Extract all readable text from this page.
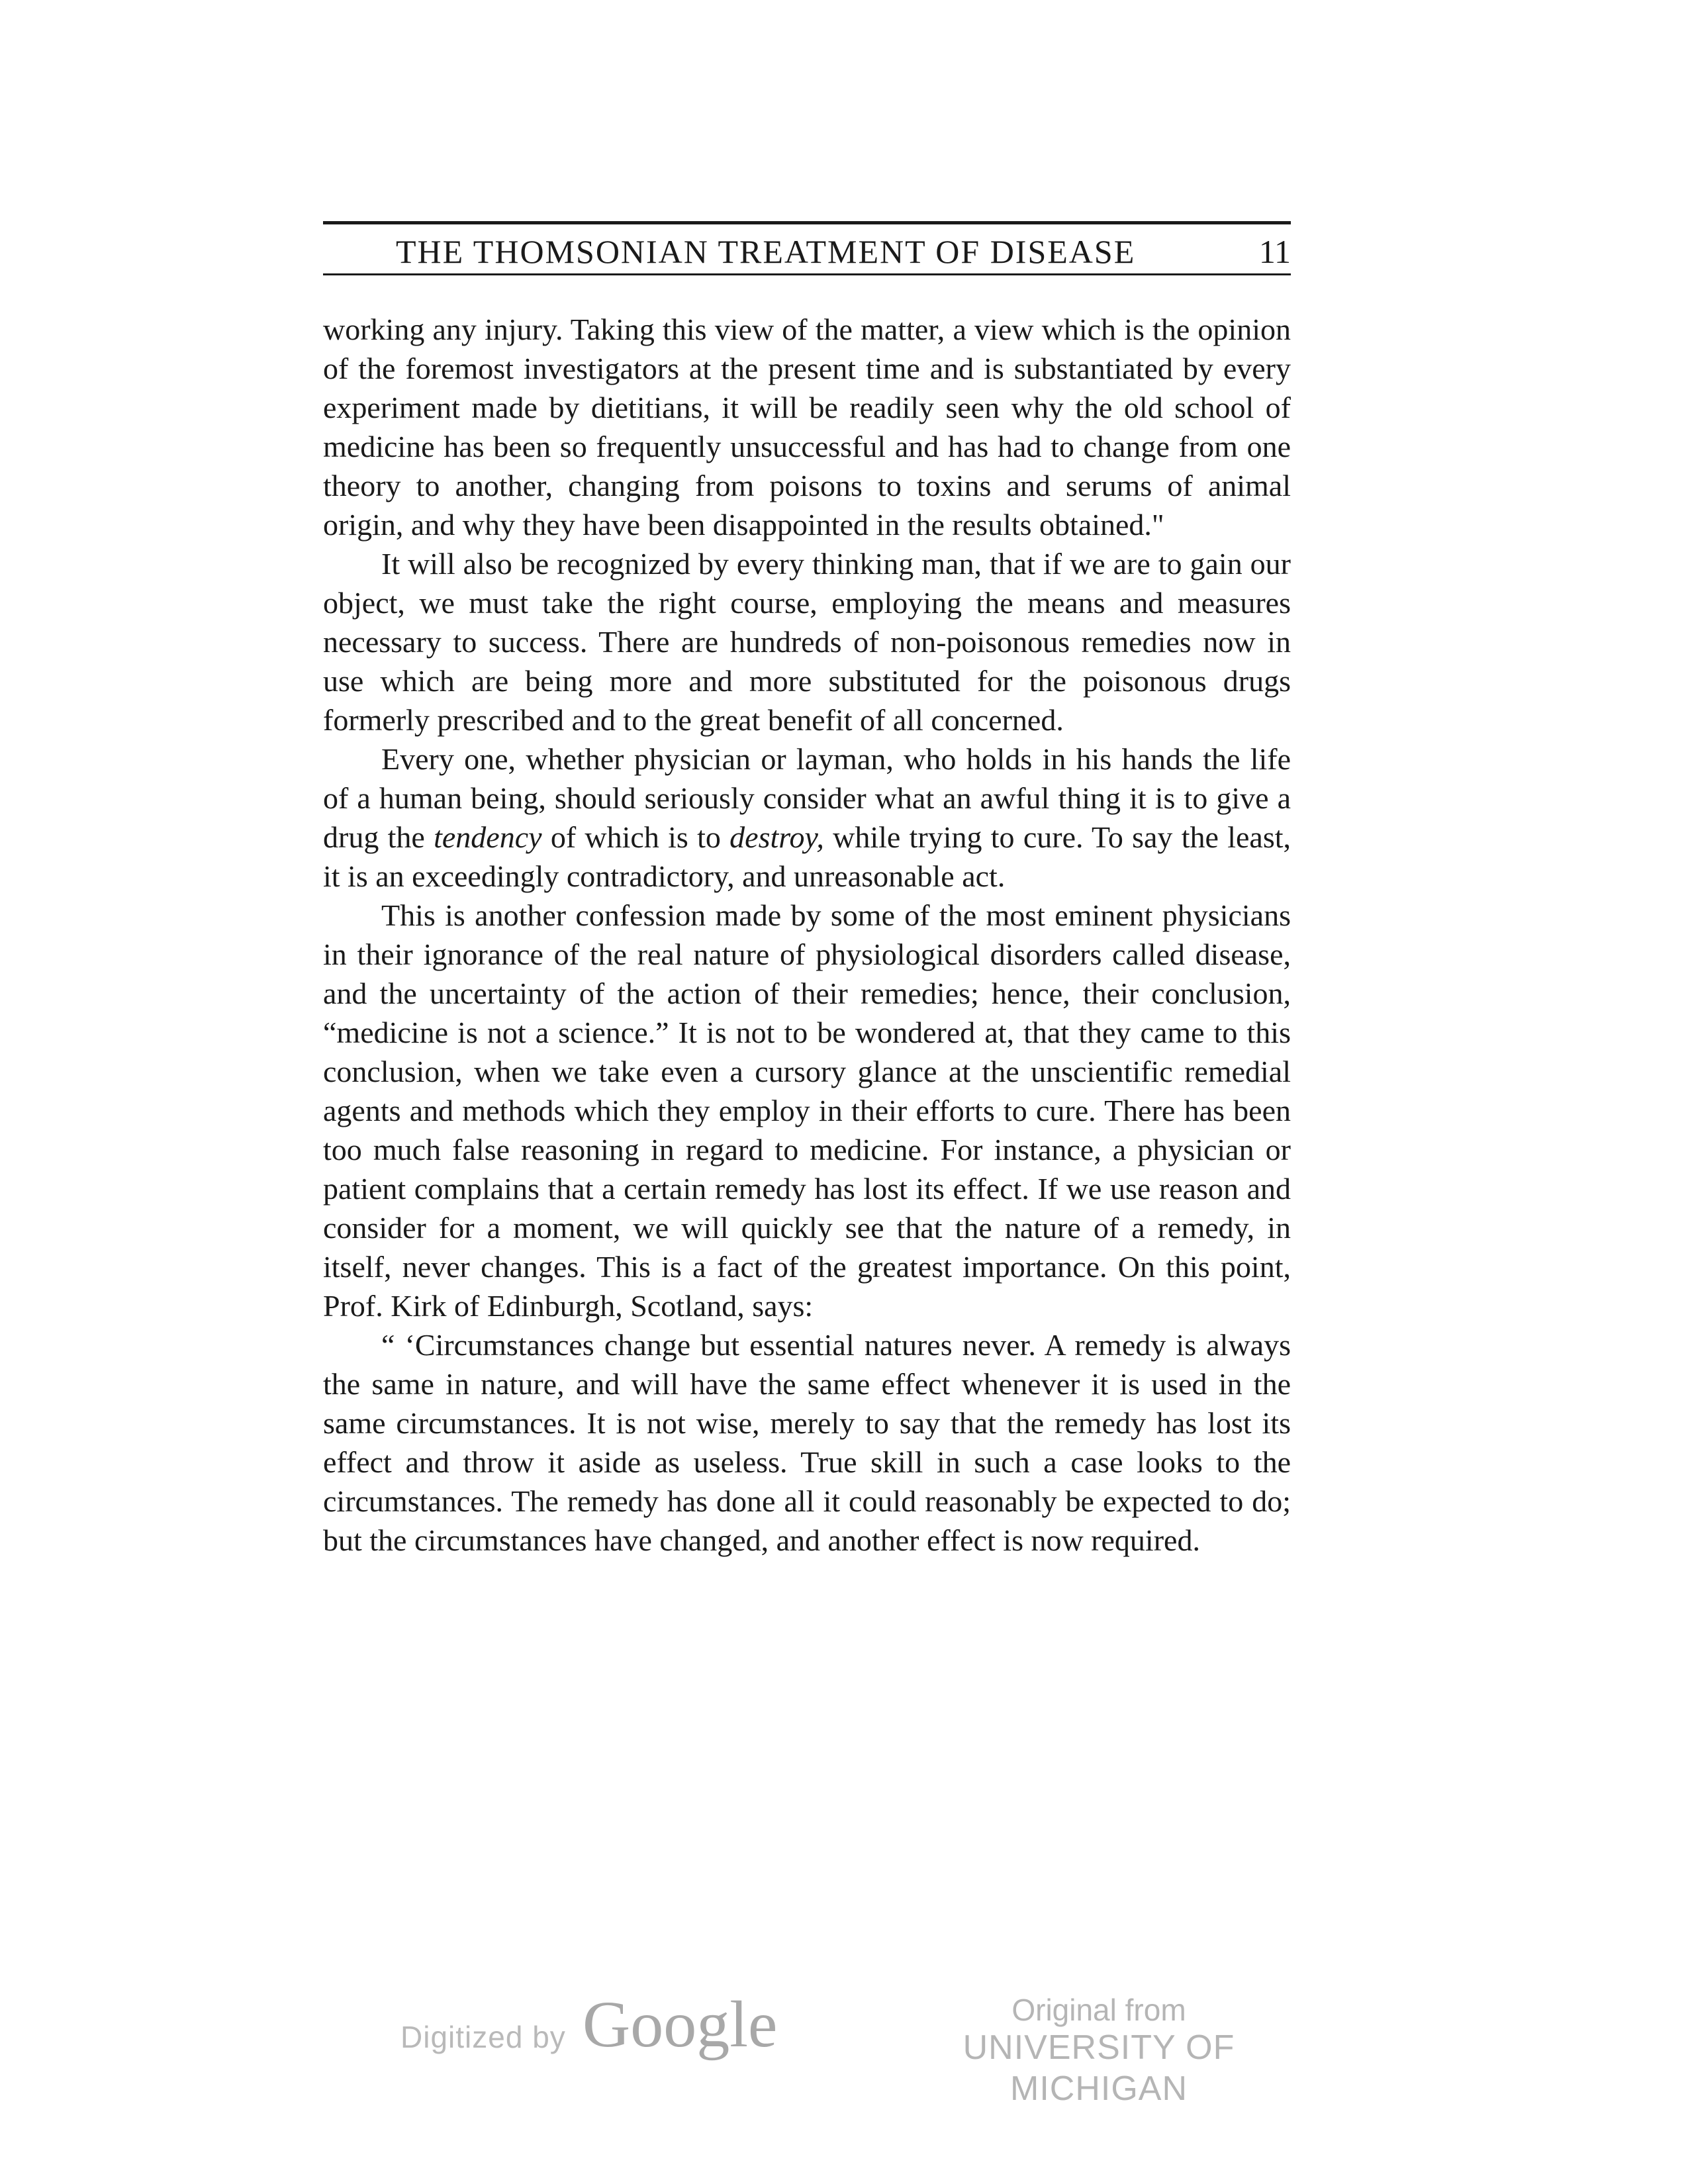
THE THOMSONIAN TREATMENT OF DISEASE	11

working any injury. Taking this view of the matter, a view which is the opinion of the foremost investigators at the present time and is substantiated by every experiment made by dietitians, it will be readily seen why the old school of medicine has been so frequently unsuccessful and has had to change from one theory to another, changing from poisons to toxins and serums of animal origin, and why they have been disappointed in the results obtained."

It will also be recognized by every thinking man, that if we are to gain our object, we must take the right course, employing the means and measures necessary to success. There are hundreds of non-poisonous remedies now in use which are being more and more substituted for the poisonous drugs formerly prescribed and to the great benefit of all concerned.

Every one, whether physician or layman, who holds in his hands the life of a human being, should seriously consider what an awful thing it is to give a drug the tendency of which is to destroy, while trying to cure. To say the least, it is an exceedingly contradictory, and unreasonable act.

This is another confession made by some of the most eminent physicians in their ignorance of the real nature of physiological disorders called disease, and the uncertainty of the action of their remedies; hence, their conclusion, “medicine is not a science.” It is not to be wondered at, that they came to this conclusion, when we take even a cursory glance at the unscientific remedial agents and methods which they employ in their efforts to cure. There has been too much false reasoning in regard to medicine. For instance, a physician or patient complains that a certain remedy has lost its effect. If we use reason and consider for a moment, we will quickly see that the nature of a remedy, in itself, never changes. This is a fact of the greatest importance. On this point, Prof. Kirk of Edinburgh, Scotland, says:

“ ‘Circumstances change but essential natures never. A remedy is always the same in nature, and will have the same effect whenever it is used in the same circumstances. It is not wise, merely to say that the remedy has lost its effect and throw it aside as useless. True skill in such a case looks to the circumstances. The remedy has done all it could reasonably be expected to do; but the circumstances have changed, and another effect is now required.

Digitized by Google	Original from
UNIVERSITY OF MICHIGAN
